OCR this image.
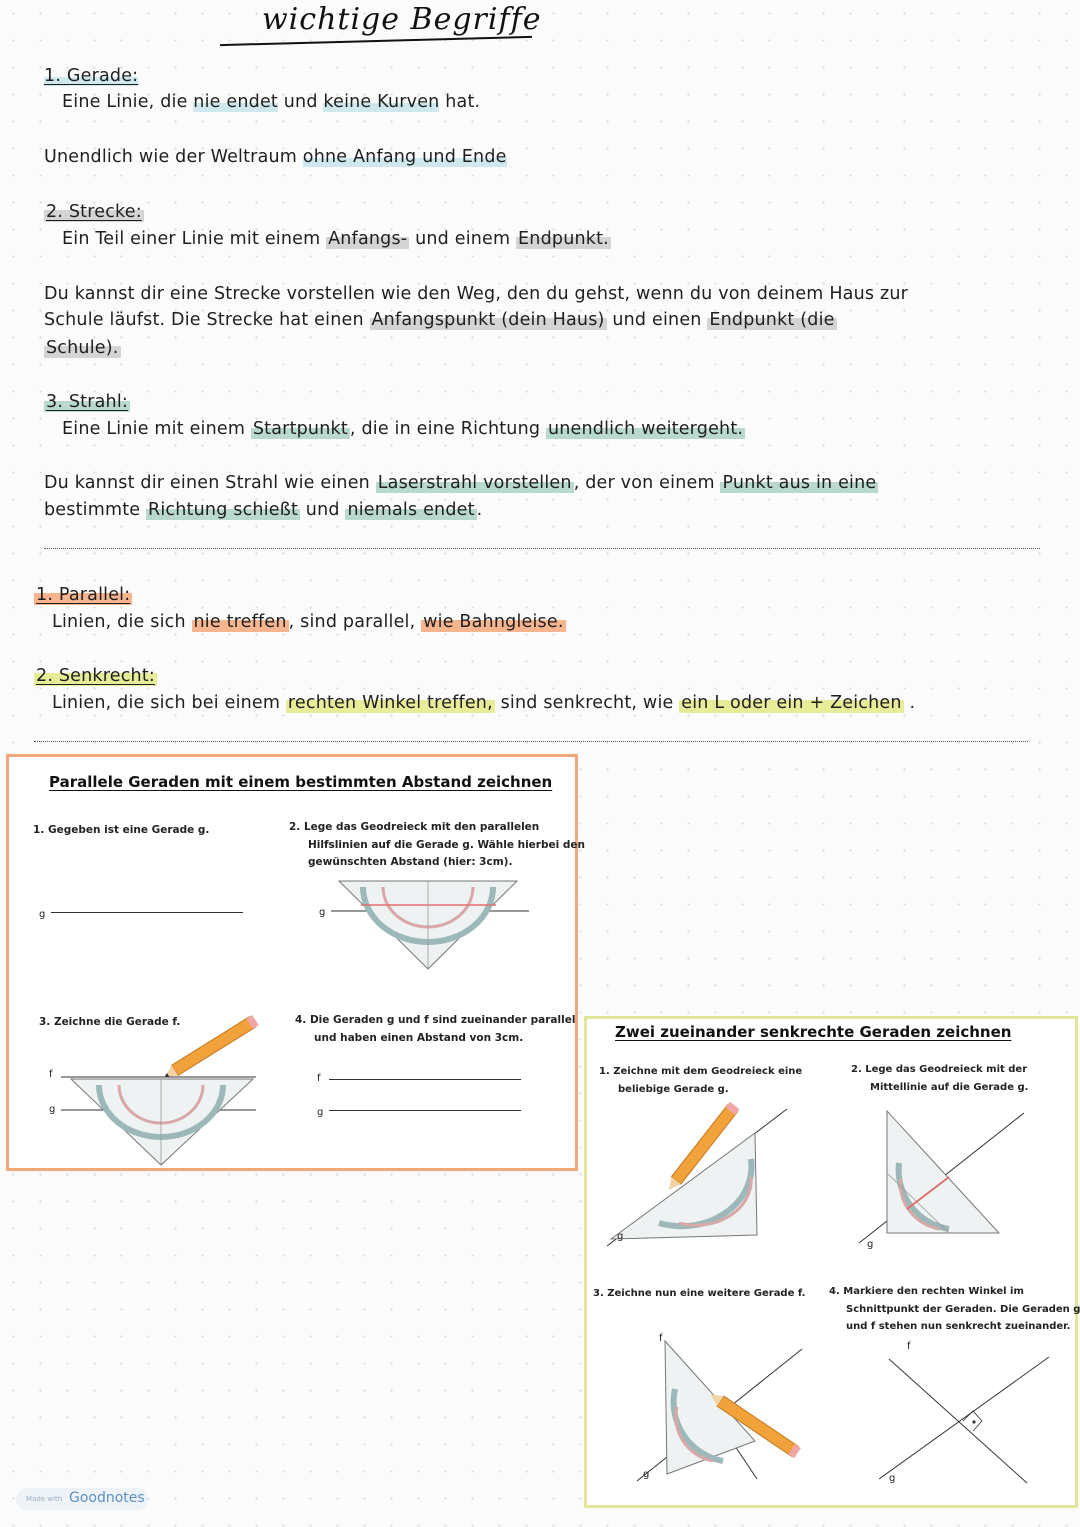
wichtige Begriffe
1. Gerade:
Eine Linie, die nie endet und keine Kurven hat.
Unendlich wie der Weltraum ohne Anfang und Ende
2. Strecke:
Ein Teil einer Linie mit einem Anfangs- und einem Endpunkt.
Du kannst dir eine Strecke vorstellen wie den Weg, den du gehst, wenn du von deinem Haus zur
Schule läufst. Die Strecke hat einen Anfangspunkt (dein Haus) und einen Endpunkt (die
Schule).
3. Strahl:
Eine Linie mit einem Startpunkt , die in eine Richtung unendlich weitergeht.
Du kannst dir einen Strahl wie einen Laserstrahl vorstellen , der von einem Punkt aus in eine
bestimmte Richtung schießt und niemals endet .
1. Parallel:
Linien, die sich nie treffen , sind parallel, wie Bahngleise.
2. Senkrecht:
Linien, die sich bei einem rechten Winkel treffen, sind senkrecht, wie ein L oder ein + Zeichen .
Parallele Geraden mit einem bestimmten Abstand zeichnen
1. Gegeben ist eine Gerade g.	2. Lege das Geodreieck mit den parallelen
Hilfslinien auf die Gerade g. Wähle hierbei den
gewünschten Abstand (hier: 3cm).
3. Zeichne die Gerade f.	4. Die Geraden g und f sind zueinander parallel
und haben einen Abstand von 3cm.
g	g
f
g
f
g
Zwei zueinander senkrechte Geraden zeichnen
1. Zeichne mit dem Geodreieck eine
beliebige Gerade g.
2. Lege das Geodreieck mit der
Mittellinie auf die Gerade g.
3. Zeichne nun eine weitere Gerade f. 4. Markiere den rechten Winkel im
Schnittpunkt der Geraden. Die Geraden g
und f stehen nun senkrecht zueinander.
g
g
f
g
f
g
Made with Goodnotes
